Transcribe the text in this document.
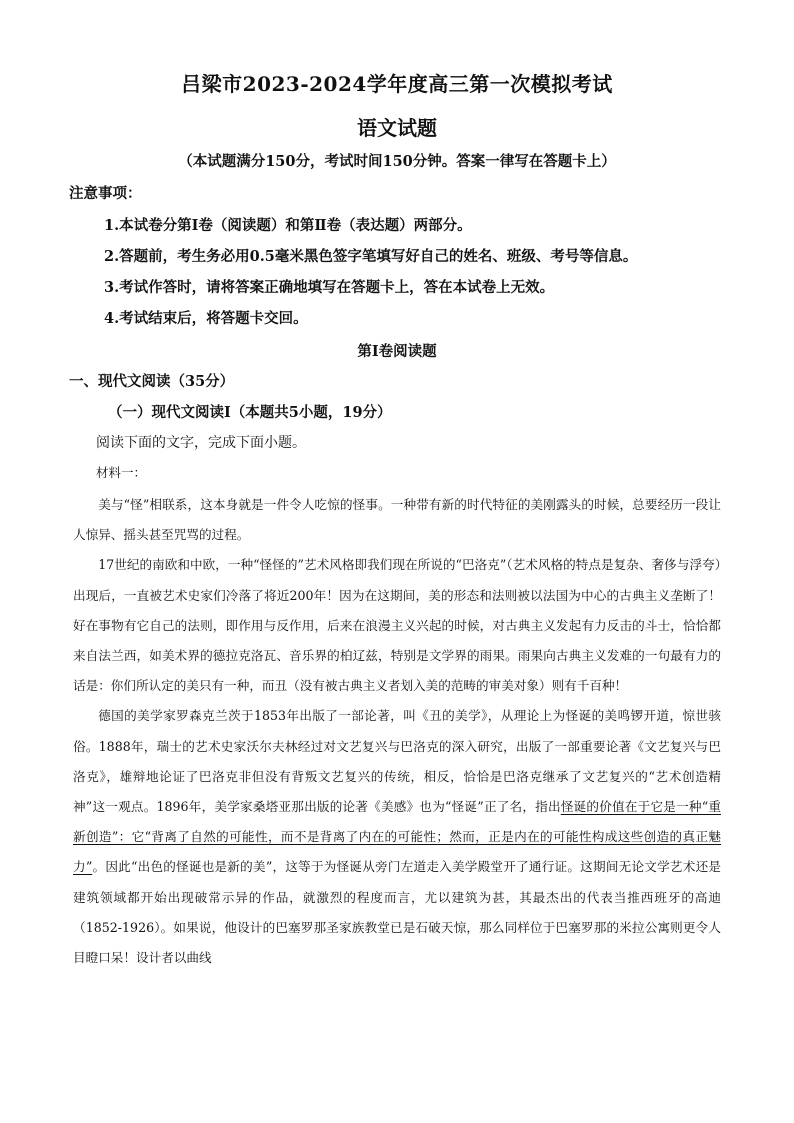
吕梁市2023-2024学年度高三第一次模拟考试
语文试题
（本试题满分150分，考试时间150分钟。答案一律写在答题卡上）
注意事项：
1.本试卷分第Ⅰ卷（阅读题）和第Ⅱ卷（表达题）两部分。
2.答题前，考生务必用0.5毫米黑色签字笔填写好自己的姓名、班级、考号等信息。
3.考试作答时，请将答案正确地填写在答题卡上，答在本试卷上无效。
4.考试结束后，将答题卡交回。
第Ⅰ卷阅读题
一、现代文阅读（35分）
（一）现代文阅读Ⅰ（本题共5小题，19分）
阅读下面的文字，完成下面小题。
材料一：

美与“怪”相联系，这本身就是一件令人吃惊的怪事。一种带有新的时代特征的美刚露头的时候，总要经历一段让人惊异、摇头甚至咒骂的过程。

17世纪的南欧和中欧，一种“怪怪的”艺术风格即我们现在所说的“巴洛克”（艺术风格的特点是复杂、奢侈与浮夸）出现后，一直被艺术史家们冷落了将近200年！因为在这期间，美的形态和法则被以法国为中心的古典主义垄断了！好在事物有它自己的法则，即作用与反作用，后来在浪漫主义兴起的时候，对古典主义发起有力反击的斗士，恰恰都来自法兰西，如美术界的德拉克洛瓦、音乐界的柏辽兹，特别是文学界的雨果。雨果向古典主义发难的一句最有力的话是：你们所认定的美只有一种，而丑（没有被古典主义者划入美的范畴的审美对象）则有千百种！

德国的美学家罗森克兰茨于1853年出版了一部论著，叫《丑的美学》，从理论上为怪诞的美鸣锣开道，惊世骇俗。1888年，瑞士的艺术史家沃尔夫林经过对文艺复兴与巴洛克的深入研究，出版了一部重要论著《文艺复兴与巴洛克》，雄辩地论证了巴洛克非但没有背叛文艺复兴的传统，相反，恰恰是巴洛克继承了文艺复兴的“艺术创造精神”这一观点。1896年，美学家桑塔亚那出版的论著《美感》也为“怪诞”正了名，指出怪诞的价值在于它是一种“重新创造”：它“背离了自然的可能性，而不是背离了内在的可能性；然而，正是内在的可能性构成这些创造的真正魅力”。因此“出色的怪诞也是新的美”，这等于为怪诞从旁门左道走入美学殿堂开了通行证。这期间无论文学艺术还是建筑领域都开始出现破常示异的作品，就激烈的程度而言，尤以建筑为甚，其最杰出的代表当推西班牙的高迪（1852-1926）。如果说，他设计的巴塞罗那圣家族教堂已是石破天惊，那么同样位于巴塞罗那的米拉公寓则更令人目瞪口呆！设计者以曲线
